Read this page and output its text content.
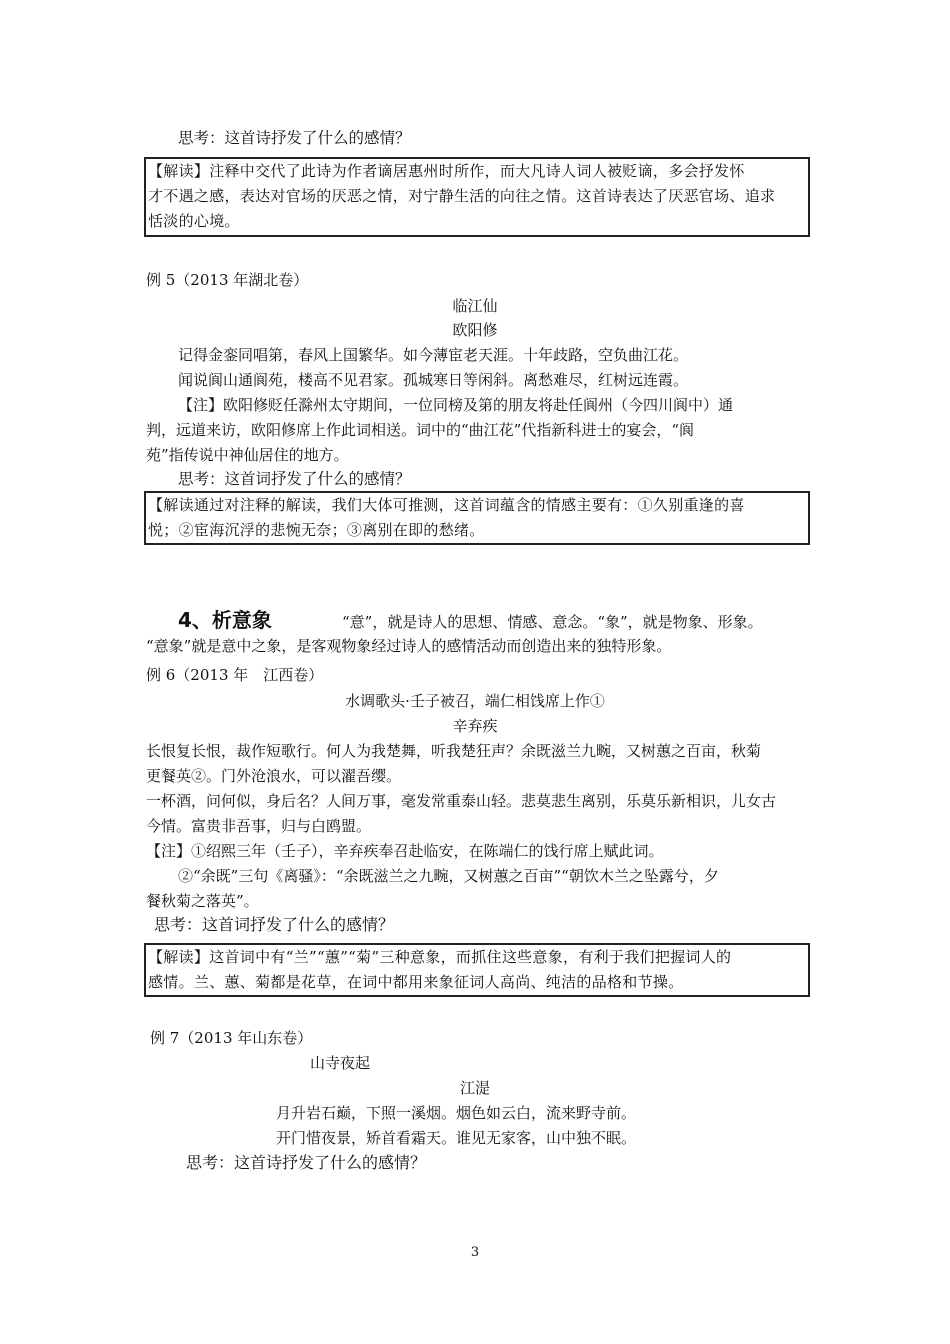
思考：这首诗抒发了什么的感情？
【解读】注释中交代了此诗为作者谪居惠州时所作，而大凡诗人词人被贬谪，多会抒发怀
才不遇之感，表达对官场的厌恶之情，对宁静生活的向往之情。这首诗表达了厌恶官场、追求
恬淡的心境。
例 5（2013 年湖北卷）
临江仙
欧阳修
记得金銮同唱第，春风上国繁华。如今薄宦老天涯。十年歧路，空负曲江花。
闻说阆山通阆苑，楼高不见君家。孤城寒日等闲斜。离愁难尽，红树远连霞。
【注】欧阳修贬任滁州太守期间，一位同榜及第的朋友将赴任阆州（今四川阆中）通
判，远道来访，欧阳修席上作此词相送。词中的“曲江花”代指新科进士的宴会，“阆
苑”指传说中神仙居住的地方。
思考：这首词抒发了什么的感情？
【解读通过对注释的解读，我们大体可推测，这首词蕴含的情感主要有：①久别重逢的喜
悦；②宦海沉浮的悲惋无奈；③离别在即的愁绪。
4、析意象	“意”，就是诗人的思想、情感、意念。“象”，就是物象、形象。
“意象”就是意中之象，是客观物象经过诗人的感情活动而创造出来的独特形象。
例 6（2013 年　江西卷）
水调歌头·壬子被召，端仁相饯席上作①
辛弃疾
长恨复长恨，裁作短歌行。何人为我楚舞，听我楚狂声？余既滋兰九畹，又树蕙之百亩，秋菊
更餐英②。门外沧浪水，可以濯吾缨。
一杯酒，问何似，身后名？人间万事，毫发常重泰山轻。悲莫悲生离别，乐莫乐新相识，儿女古
今情。富贵非吾事，归与白鸥盟。
【注】①绍熙三年（壬子），辛弃疾奉召赴临安，在陈端仁的饯行席上赋此词。
②“余既”三句《离骚》：“余既滋兰之九畹，又树蕙之百亩”“朝饮木兰之坠露兮，夕
餐秋菊之落英”。
思考：这首词抒发了什么的感情？
【解读】这首词中有“兰”“蕙”“菊”三种意象，而抓住这些意象，有利于我们把握词人的
感情。兰、蕙、菊都是花草，在词中都用来象征词人高尚、纯洁的品格和节操。
例 7（2013 年山东卷）
山寺夜起
江湜
月升岩石巅，下照一溪烟。烟色如云白，流来野寺前。
开门惜夜景，矫首看霜天。谁见无家客，山中独不眠。
思考：这首诗抒发了什么的感情？
3
